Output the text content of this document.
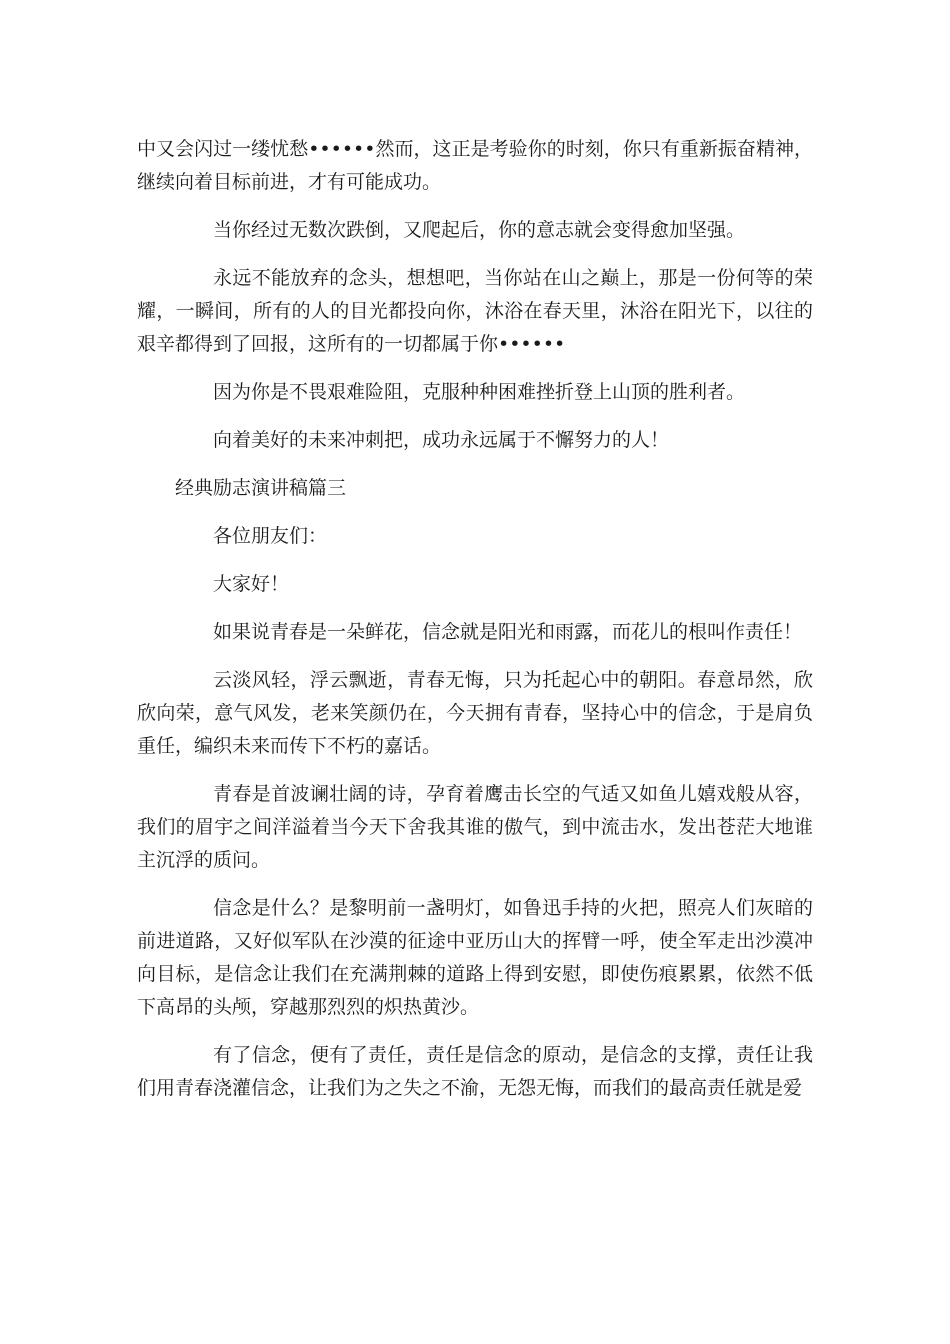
中又会闪过一缕忧愁••••••然而，这正是考验你的时刻，你只有重新振奋精神，继续向着目标前进，才有可能成功。

当你经过无数次跌倒，又爬起后，你的意志就会变得愈加坚强。

永远不能放弃的念头，想想吧，当你站在山之巅上，那是一份何等的荣耀，一瞬间，所有的人的目光都投向你，沐浴在春天里，沐浴在阳光下，以往的艰辛都得到了回报，这所有的一切都属于你••••••

因为你是不畏艰难险阻，克服种种困难挫折登上山顶的胜利者。

向着美好的未来冲刺把，成功永远属于不懈努力的人！

经典励志演讲稿篇三

各位朋友们：

大家好！

如果说青春是一朵鲜花，信念就是阳光和雨露，而花儿的根叫作责任！

云淡风轻，浮云飘逝，青春无悔，只为托起心中的朝阳。春意昂然，欣欣向荣，意气风发，老来笑颜仍在，今天拥有青春，坚持心中的信念，于是肩负重任，编织未来而传下不朽的嘉话。

青春是首波谰壮阔的诗，孕育着鹰击长空的气适又如鱼儿嬉戏般从容，我们的眉宇之间洋溢着当今天下舍我其谁的傲气，到中流击水，发出苍茫大地谁主沉浮的质问。

信念是什么？是黎明前一盏明灯，如鲁迅手持的火把，照亮人们灰暗的前进道路，又好似军队在沙漠的征途中亚历山大的挥臂一呼，使全军走出沙漠冲向目标，是信念让我们在充满荆棘的道路上得到安慰，即使伤痕累累，依然不低下高昂的头颅，穿越那烈烈的炽热黄沙。

有了信念，便有了责任，责任是信念的原动，是信念的支撑，责任让我们用青春浇灌信念，让我们为之失之不渝，无怨无悔，而我们的最高责任就是爱
